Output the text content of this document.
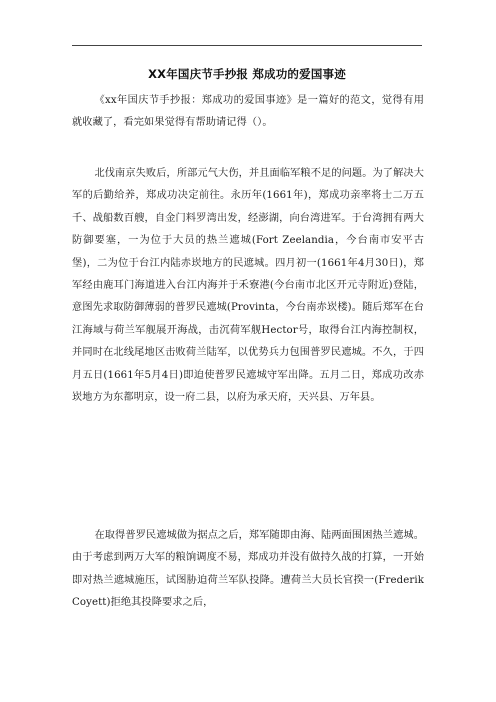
XX年国庆节手抄报 郑成功的爱国事迹
《xx年国庆节手抄报：郑成功的爱国事迹》是一篇好的范文，觉得有用就收藏了，看完如果觉得有帮助请记得（）。
北伐南京失败后，所部元气大伤，并且面临军粮不足的问题。为了解决大军的后勤给养，郑成功决定前往。永历年(1661年)，郑成功亲率将士二万五千、战船数百艘，自金门料罗湾出发，经澎湖，向台湾进军。于台湾拥有两大防御要塞，一为位于大员的热兰遮城(Fort Zeelandia，今台南市安平古堡)，二为位于台江内陆赤崁地方的民遮城。四月初一(1661年4月30日)，郑军经由鹿耳门海道进入台江内海并于禾寮港(今台南市北区开元寺附近)登陆，意图先求取防御薄弱的普罗民遮城(Provinta，今台南赤崁楼)。随后郑军在台江海域与荷兰军舰展开海战，击沉荷军舰Hector号，取得台江内海控制权，并同时在北线尾地区击败荷兰陆军，以优势兵力包围普罗民遮城。不久，于四月五日(1661年5月4日)即迫使普罗民遮城守军出降。五月二日，郑成功改赤崁地方为东都明京，设一府二县，以府为承天府，天兴县、万年县。
在取得普罗民遮城做为据点之后，郑军随即由海、陆两面围困热兰遮城。由于考虑到两万大军的粮饷调度不易，郑成功并没有做持久战的打算，一开始即对热兰遮城施压，试图胁迫荷兰军队投降。遭荷兰大员长官揆一(Frederik Coyett)拒绝其投降要求之后，
